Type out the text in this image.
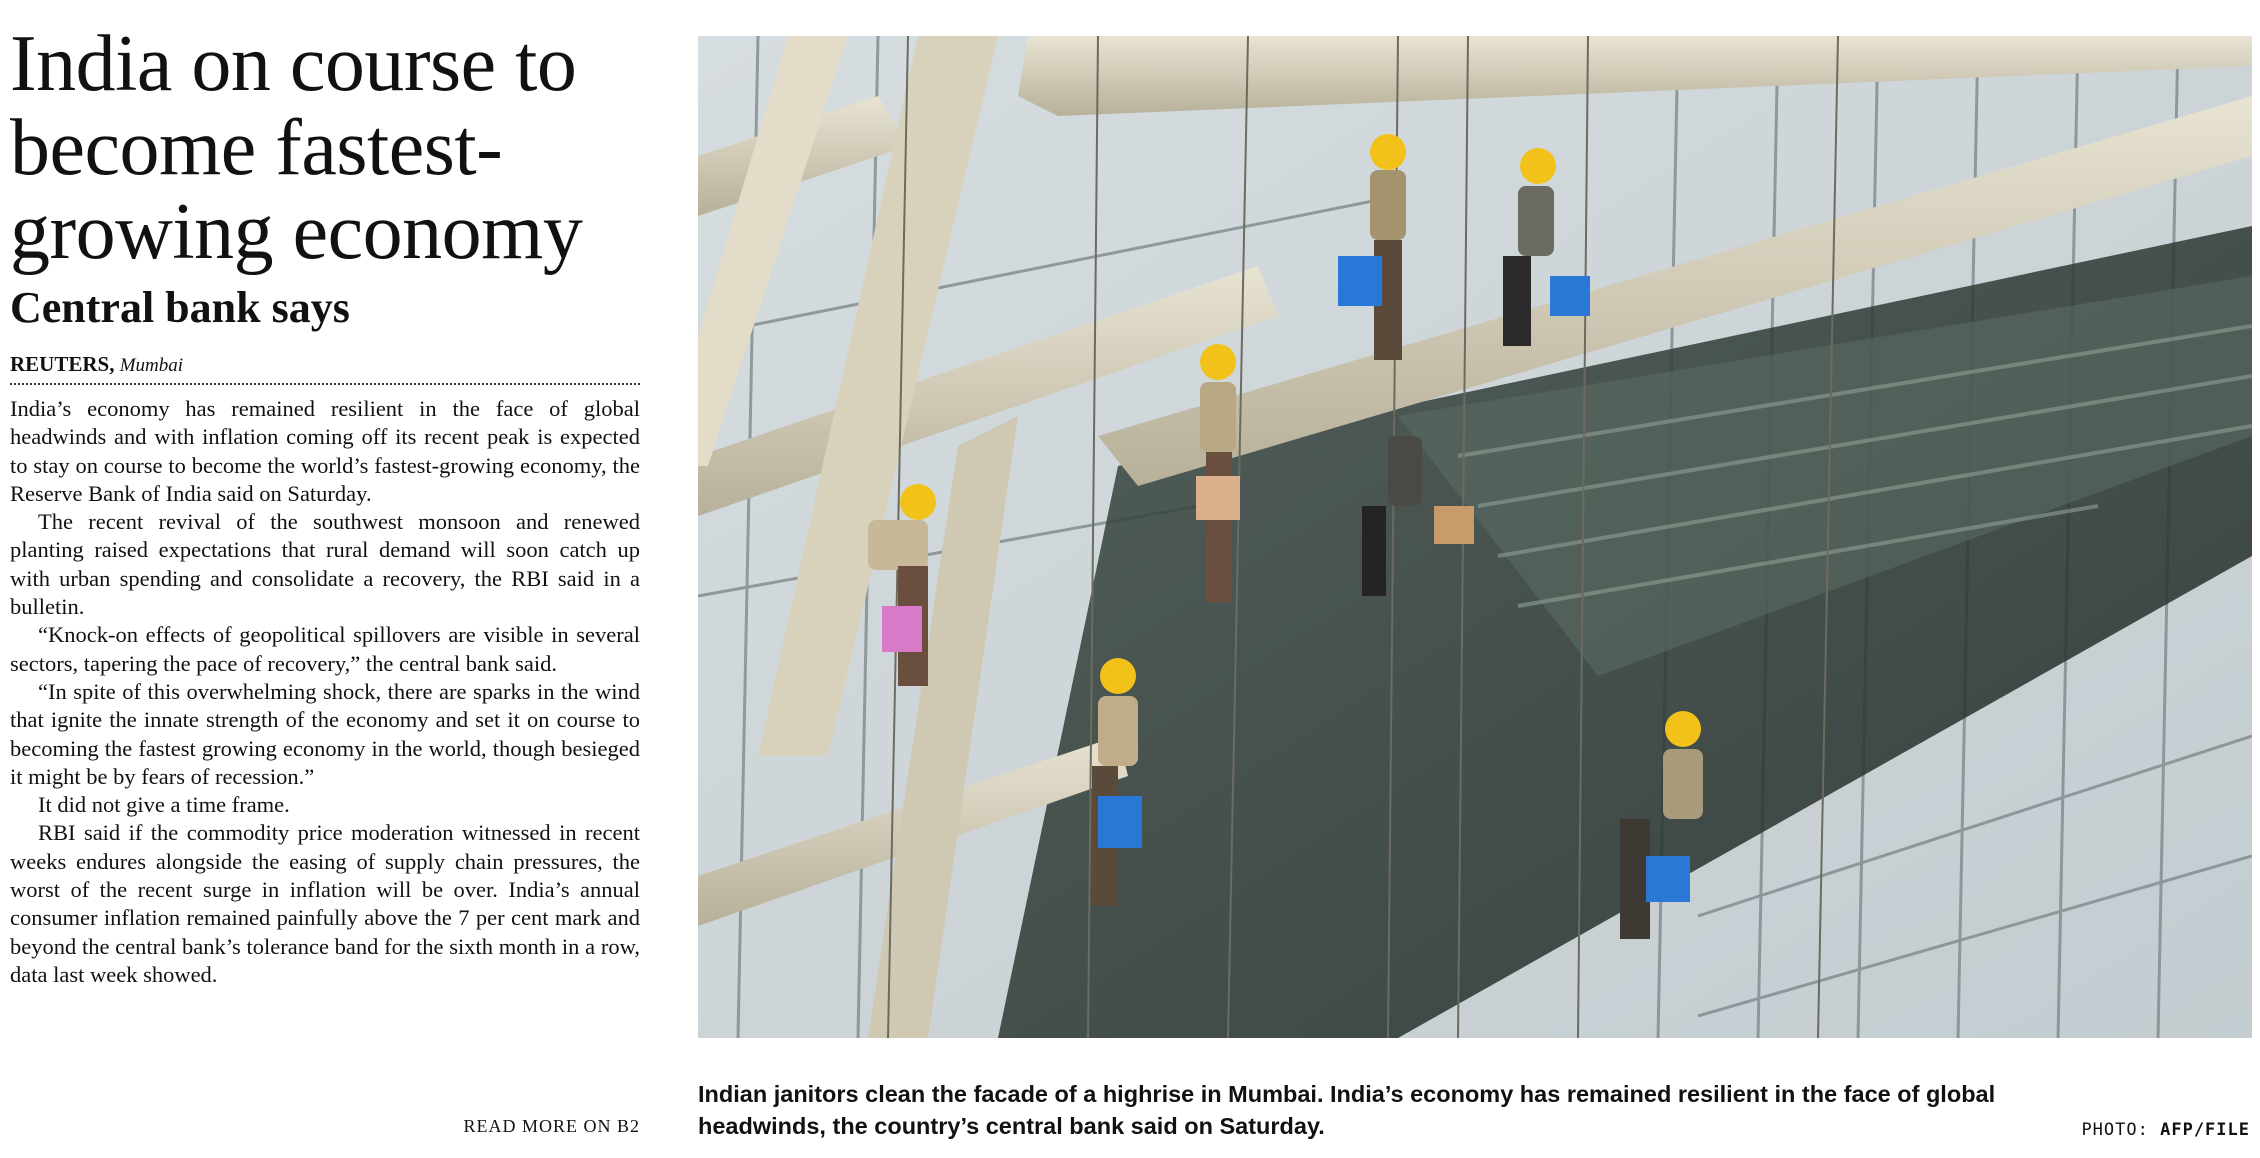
India on course to become fastest-growing economy
Central bank says
REUTERS, Mumbai

India’s economy has remained resilient in the face of global headwinds and with inflation coming off its recent peak is expected to stay on course to become the world’s fastest-growing economy, the Reserve Bank of India said on Saturday.

The recent revival of the southwest monsoon and renewed planting raised expectations that rural demand will soon catch up with urban spending and consolidate a recovery, the RBI said in a bulletin.

“Knock-on effects of geopolitical spillovers are visible in several sectors, tapering the pace of recovery,” the central bank said.

“In spite of this overwhelming shock, there are sparks in the wind that ignite the innate strength of the economy and set it on course to becoming the fastest growing economy in the world, though besieged it might be by fears of recession.”

It did not give a time frame.

RBI said if the commodity price moderation witnessed in recent weeks endures alongside the easing of supply chain pressures, the worst of the recent surge in inflation will be over. India’s annual consumer inflation remained painfully above the 7 per cent mark and beyond the central bank’s tolerance band for the sixth month in a row, data last week showed.

READ MORE ON B2
Indian janitors clean the facade of a highrise in Mumbai. India’s economy has remained resilient in the face of global headwinds, the country’s central bank said on Saturday.	PHOTO: AFP/FILE
